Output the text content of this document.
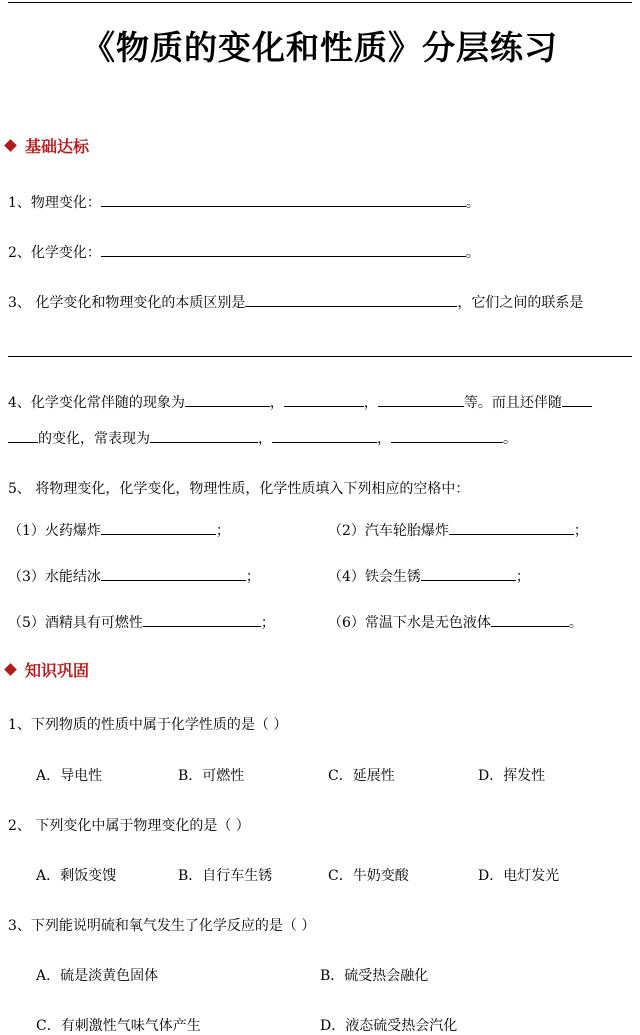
《物质的变化和性质》分层练习
基础达标
1、物理变化：	。
2、化学变化：	。
3、 化学变化和物理变化的本质区别是	，它们之间的联系是
4、化学变化常伴随的现象为	，	，	等。而且还伴随
的变化，常表现为	，	，	。
5、 将物理变化，化学变化，物理性质，化学性质填入下列相应的空格中：
（1）火药爆炸	；	（2）汽车轮胎爆炸	；
（3）水能结冰	；	（4）铁会生锈	；
（5）酒精具有可燃性	；	（6）常温下水是无色液体	。
知识巩固
1、下列物质的性质中属于化学性质的是（ ）
A．导电性	B．可燃性	C．延展性	D．挥发性
2、 下列变化中属于物理变化的是（ ）
A．剩饭变馊	B．自行车生锈	C．牛奶变酸	D．电灯发光
3、下列能说明硫和氧气发生了化学反应的是（ ）
A．硫是淡黄色固体	B．硫受热会融化
C．有刺激性气味气体产生	D．液态硫受热会汽化
